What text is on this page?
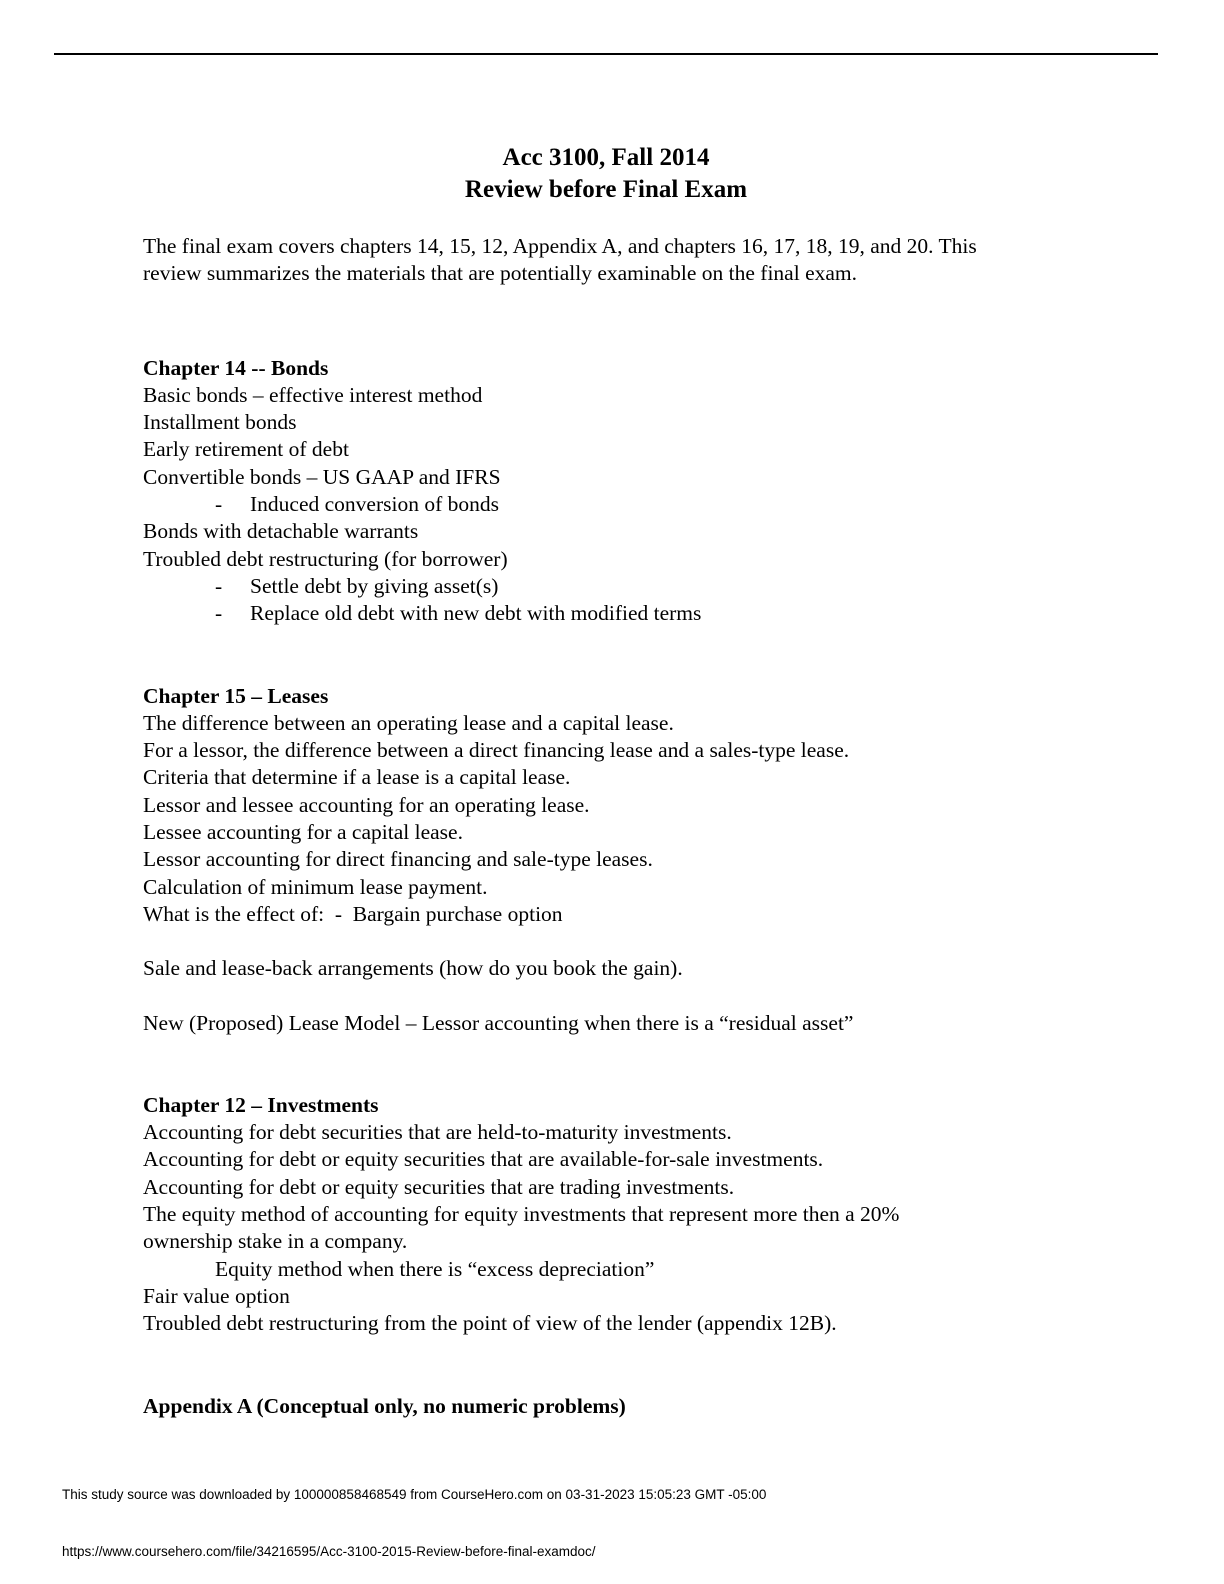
Acc 3100, Fall 2014
Review before Final Exam
The final exam covers chapters 14, 15, 12, Appendix A, and chapters 16, 17, 18, 19, and 20. This
review summarizes the materials that are potentially examinable on the final exam.
Chapter 14 -- Bonds
Basic bonds – effective interest method
Installment bonds
Early retirement of debt
Convertible bonds – US GAAP and IFRS
- Induced conversion of bonds
Bonds with detachable warrants
Troubled debt restructuring (for borrower)
- Settle debt by giving asset(s)
- Replace old debt with new debt with modified terms
Chapter 15 – Leases
The difference between an operating lease and a capital lease.
For a lessor, the difference between a direct financing lease and a sales-type lease.
Criteria that determine if a lease is a capital lease.
Lessor and lessee accounting for an operating lease.
Lessee accounting for a capital lease.
Lessor accounting for direct financing and sale-type leases.
Calculation of minimum lease payment.
What is the effect of: - Bargain purchase option
Sale and lease-back arrangements (how do you book the gain).
New (Proposed) Lease Model – Lessor accounting when there is a “residual asset”
Chapter 12 – Investments
Accounting for debt securities that are held-to-maturity investments.
Accounting for debt or equity securities that are available-for-sale investments.
Accounting for debt or equity securities that are trading investments.
The equity method of accounting for equity investments that represent more then a 20%
ownership stake in a company.
Equity method when there is “excess depreciation”
Fair value option
Troubled debt restructuring from the point of view of the lender (appendix 12B).
Appendix A (Conceptual only, no numeric problems)
This study source was downloaded by 100000858468549 from CourseHero.com on 03-31-2023 15:05:23 GMT -05:00
https://www.coursehero.com/file/34216595/Acc-3100-2015-Review-before-final-examdoc/
